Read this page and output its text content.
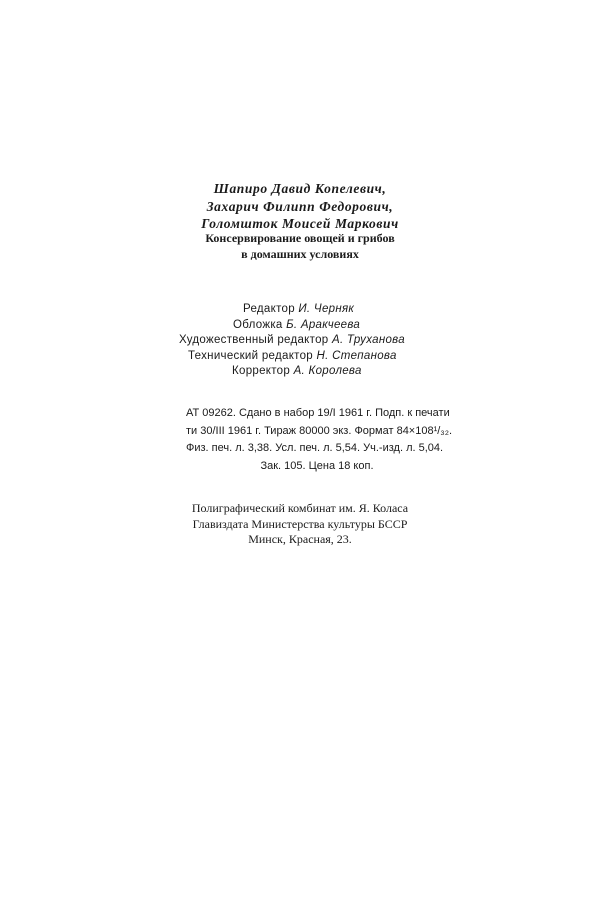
Шапиро Давид Копелевич,
Захарич Филипп Федорович,
Голомшток Моисей Маркович
Консервирование овощей и грибов
в домашних условиях
Редактор И. Черняк
Обложка Б. Аракчеева
Художественный редактор А. Труханова
Технический редактор Н. Степанова
Корректор А. Королева
АТ 09262. Сдано в набор 19/I 1961 г. Подп. к печати
ти 30/III 1961 г. Тираж 80000 экз. Формат 84×108¹/₃₂.
Физ. печ. л. 3,38. Усл. печ. л. 5,54. Уч.-изд. л. 5,04.
Зак. 105. Цена 18 коп.
Полиграфический комбинат им. Я. Коласа
Главиздата Министерства культуры БССР
Минск, Красная, 23.
